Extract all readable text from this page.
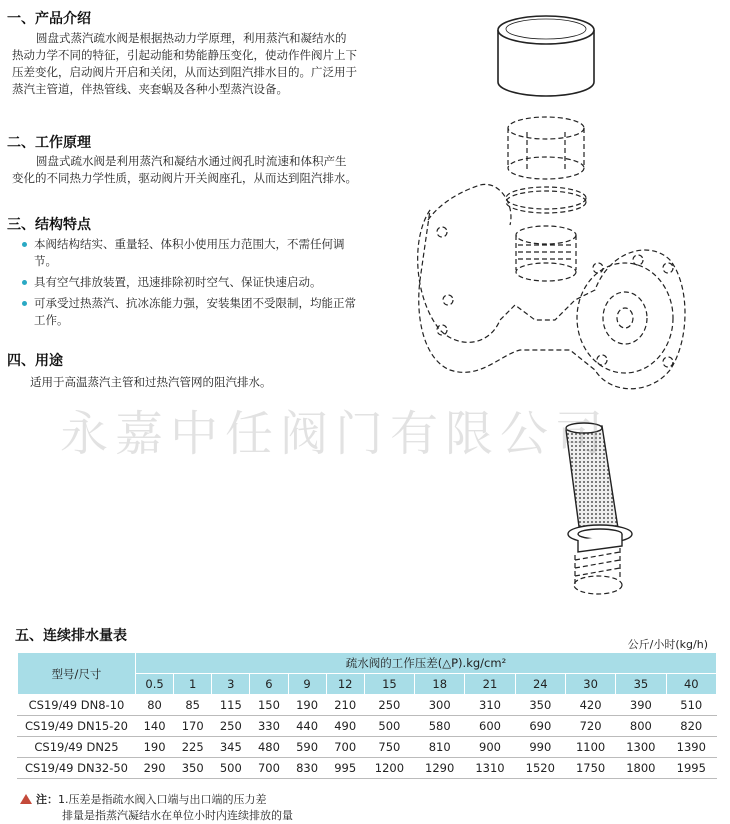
一、产品介绍

圆盘式蒸汽疏水阀是根据热动力学原理，利用蒸汽和凝结水的热动力学不同的特征，引起动能和势能静压变化，使动作件阀片上下压差变化，启动阀片开启和关闭，从而达到阻汽排水目的。广泛用于蒸汽主管道，伴热管线、夹套蜗及各种小型蒸汽设备。

二、工作原理

圆盘式疏水阀是利用蒸汽和凝结水通过阀孔时流速和体积产生变化的不同热力学性质，驱动阀片开关阀座孔，从而达到阻汽排水。

三、结构特点
本阀结构结实、重量轻、体积小使用压力范围大，不需任何调节。
具有空气排放装置，迅速排除初时空气、保证快速启动。
可承受过热蒸汽、抗冰冻能力强，安装集团不受限制，均能正常工作。
四、用途

适用于高温蒸汽主管和过热汽管网的阻汽排水。

永嘉中任阀门有限公司
五、连续排水量表
公斤/小时(kg/h)
型号/尺寸	疏水阀的工作压差(△P).kg/cm²												
	0.5	1	3	6	9	12	15	18	21	24	30	35	40
CS19/49 DN8-10	80	85	115	150	190	210	250	300	310	350	420	390	510
CS19/49 DN15-20	140	170	250	330	440	490	500	580	600	690	720	800	820
CS19/49 DN25	190	225	345	480	590	700	750	810	900	990	1100	1300	1390
CS19/49 DN32-50	290	350	500	700	830	995	1200	1290	1310	1520	1750	1800	1995
注：1.压差是指疏水阀入口端与出口端的压力差
排量是指蒸汽凝结水在单位小时内连续排放的量
